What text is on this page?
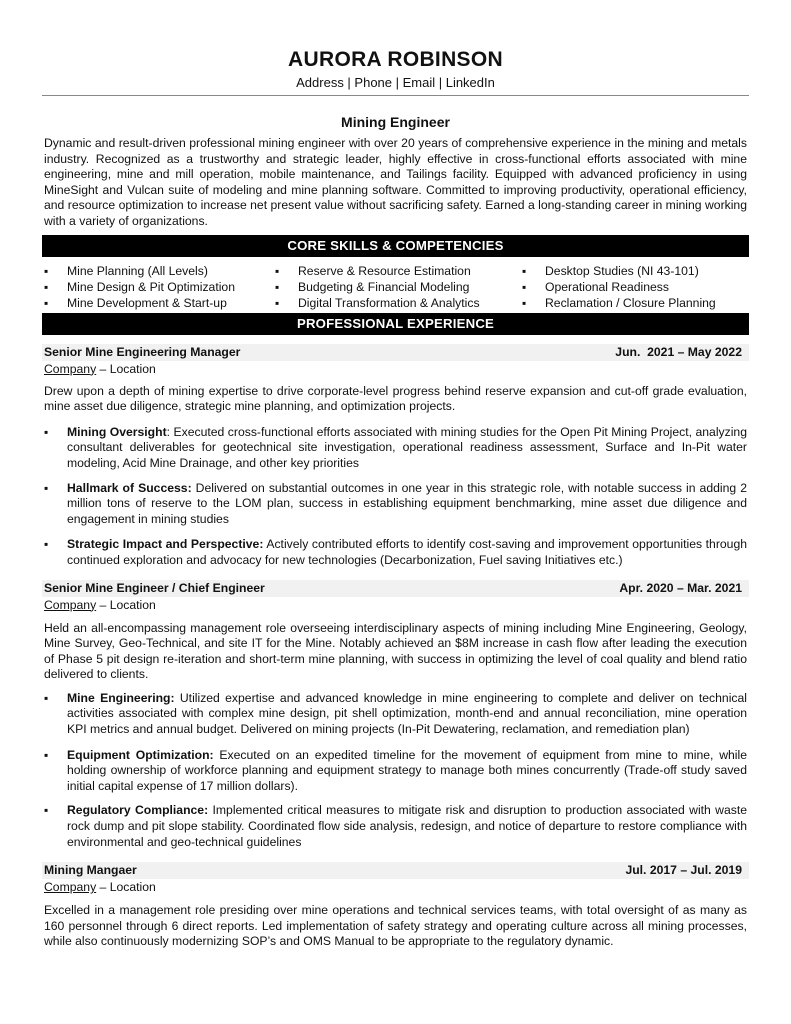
AURORA ROBINSON
Address | Phone | Email | LinkedIn
Mining Engineer

Dynamic and result-driven professional mining engineer with over 20 years of comprehensive experience in the mining and metals industry. Recognized as a trustworthy and strategic leader, highly effective in cross-functional efforts associated with mine engineering, mine and mill operation, mobile maintenance, and Tailings facility. Equipped with advanced proficiency in using MineSight and Vulcan suite of modeling and mine planning software. Committed to improving productivity, operational efficiency, and resource optimization to increase net present value without sacrificing safety. Earned a long-standing career in mining working with a variety of organizations.

CORE SKILLS & COMPETENCIES
▪ Mine Planning (All Levels)
▪ Mine Design & Pit Optimization
▪ Mine Development & Start-up
▪ Reserve & Resource Estimation
▪ Budgeting & Financial Modeling
▪ Digital Transformation & Analytics
▪ Desktop Studies (NI 43-101)
▪ Operational Readiness
▪ Reclamation / Closure Planning
PROFESSIONAL EXPERIENCE
Senior Mine Engineering Manager	Jun.  2021 – May 2022
Company – Location

Drew upon a depth of mining expertise to drive corporate-level progress behind reserve expansion and cut-off grade evaluation, mine asset due diligence, strategic mine planning, and optimization projects.

▪ Mining Oversight: Executed cross-functional efforts associated with mining studies for the Open Pit Mining Project, analyzing consultant deliverables for geotechnical site investigation, operational readiness assessment, Surface and In-Pit water modeling, Acid Mine Drainage, and other key priorities
▪ Hallmark of Success: Delivered on substantial outcomes in one year in this strategic role, with notable success in adding 2 million tons of reserve to the LOM plan, success in establishing equipment benchmarking, mine asset due diligence and engagement in mining studies
▪ Strategic Impact and Perspective: Actively contributed efforts to identify cost-saving and improvement opportunities through continued exploration and advocacy for new technologies (Decarbonization, Fuel saving Initiatives etc.)
Senior Mine Engineer / Chief Engineer	Apr. 2020 – Mar. 2021
Company – Location

Held an all-encompassing management role overseeing interdisciplinary aspects of mining including Mine Engineering, Geology, Mine Survey, Geo-Technical, and site IT for the Mine. Notably achieved an $8M increase in cash flow after leading the execution of Phase 5 pit design re-iteration and short-term mine planning, with success in optimizing the level of coal quality and blend ratio delivered to clients.

▪ Mine Engineering: Utilized expertise and advanced knowledge in mine engineering to complete and deliver on technical activities associated with complex mine design, pit shell optimization, month-end and annual reconciliation, mine operation KPI metrics and annual budget. Delivered on mining projects (In-Pit Dewatering, reclamation, and remediation plan)
▪ Equipment Optimization: Executed on an expedited timeline for the movement of equipment from mine to mine, while holding ownership of workforce planning and equipment strategy to manage both mines concurrently (Trade-off study saved initial capital expense of 17 million dollars).
▪ Regulatory Compliance: Implemented critical measures to mitigate risk and disruption to production associated with waste rock dump and pit slope stability. Coordinated flow side analysis, redesign, and notice of departure to restore compliance with environmental and geo-technical guidelines
Mining Mangaer	Jul. 2017 – Jul. 2019
Company – Location

Excelled in a management role presiding over mine operations and technical services teams, with total oversight of as many as 160 personnel through 6 direct reports. Led implementation of safety strategy and operating culture across all mining processes, while also continuously modernizing SOP’s and OMS Manual to be appropriate to the regulatory dynamic.
